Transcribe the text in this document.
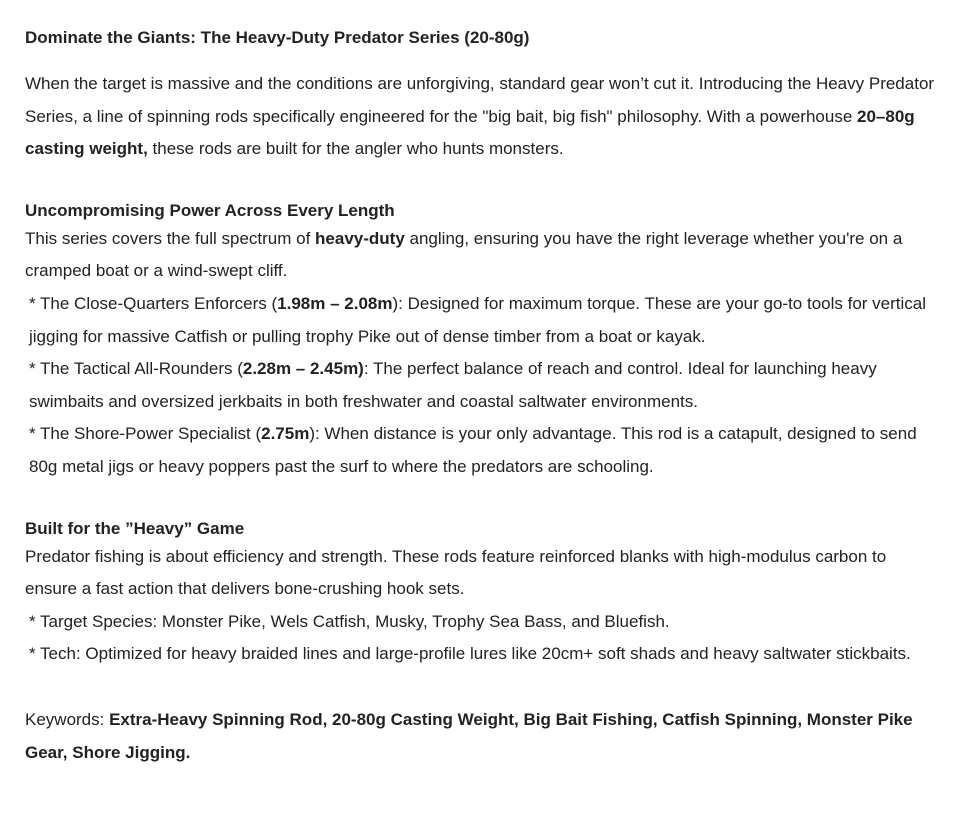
Dominate the Giants: The Heavy-Duty Predator Series (20-80g)

When the target is massive and the conditions are unforgiving, standard gear won’t cut it. Introducing the Heavy Predator Series, a line of spinning rods specifically engineered for the "big bait, big fish" philosophy. With a powerhouse 20–80g casting weight, these rods are built for the angler who hunts monsters.

Uncompromising Power Across Every Length

This series covers the full spectrum of heavy-duty angling, ensuring you have the right leverage whether you're on a cramped boat or a wind-swept cliff.

* The Close-Quarters Enforcers (1.98m – 2.08m): Designed for maximum torque. These are your go-to tools for vertical jigging for massive Catfish or pulling trophy Pike out of dense timber from a boat or kayak.

* The Tactical All-Rounders (2.28m – 2.45m): The perfect balance of reach and control. Ideal for launching heavy swimbaits and oversized jerkbaits in both freshwater and coastal saltwater environments.

* The Shore-Power Specialist (2.75m): When distance is your only advantage. This rod is a catapult, designed to send 80g metal jigs or heavy poppers past the surf to where the predators are schooling.

Built for the ”Heavy” Game

Predator fishing is about efficiency and strength. These rods feature reinforced blanks with high-modulus carbon to ensure a fast action that delivers bone-crushing hook sets.

* Target Species: Monster Pike, Wels Catfish, Musky, Trophy Sea Bass, and Bluefish.

* Tech: Optimized for heavy braided lines and large-profile lures like 20cm+ soft shads and heavy saltwater stickbaits.

Keywords: Extra-Heavy Spinning Rod, 20-80g Casting Weight, Big Bait Fishing, Catfish Spinning, Monster Pike Gear, Shore Jigging.
